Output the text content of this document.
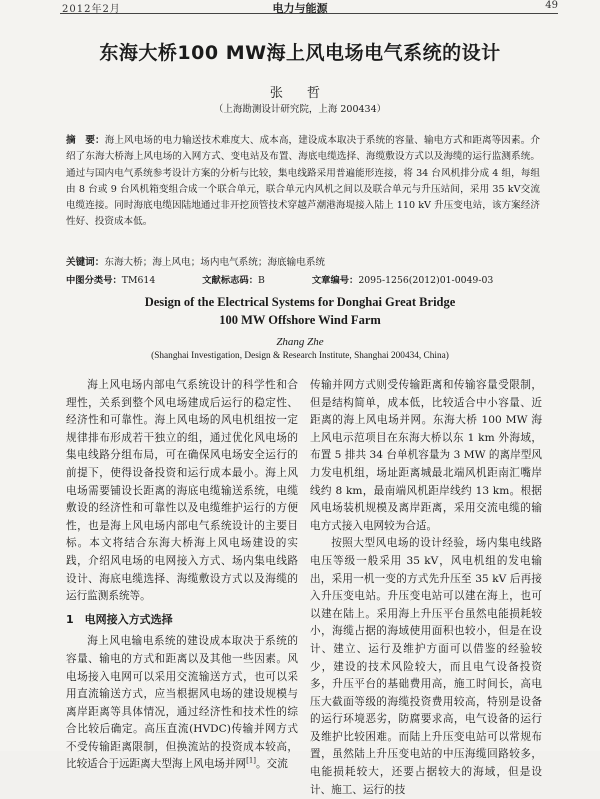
2012年2月	电力与能源	49
东海大桥100 MW海上风电场电气系统的设计
张 哲
（上海勘测设计研究院，上海 200434）
摘　要：海上风电场的电力输送技术难度大、成本高，建设成本取决于系统的容量、输电方式和距离等因素。介绍了东海大桥海上风电场的入网方式、变电站及布置、海底电缆选择、海缆敷设方式以及海缆的运行监测系统。通过与国内电气系统参考设计方案的分析与比较，集电线路采用普遍能形连接，将 34 台风机排分成 4 组，每组由 8 台或 9 台风机箱变组合成一个联合单元，联合单元内风机之间以及联合单元与升压站间，采用 35 kV交流电缆连接。同时海底电缆因陆地通过非开挖顶管技术穿越芦潮港海堤接入陆上 110 kV 升压变电站，该方案经济性好、投资成本低。
关键词：东海大桥；海上风电；场内电气系统；海底输电系统
中图分类号：TM614	文献标志码：B	文章编号：2095-1256(2012)01-0049-03
Design of the Electrical Systems for Donghai Great Bridge
100 MW Offshore Wind Farm
Zhang Zhe
(Shanghai Investigation, Design & Research Institute, Shanghai 200434, China)

海上风电场内部电气系统设计的科学性和合理性，关系到整个风电场建成后运行的稳定性、经济性和可靠性。海上风电场的风电机组按一定规律排布形成若干独立的组，通过优化风电场的集电线路分组布局，可在确保风电场安全运行的前提下，使得设备投资和运行成本最小。海上风电场需要铺设长距离的海底电缆输送系统，电缆敷设的经济性和可靠性以及电缆维护运行的方便性，也是海上风电场内部电气系统设计的主要目标。本文将结合东海大桥海上风电场建设的实践，介绍风电场的电网接入方式、场内集电线路设计、海底电缆选择、海缆敷设方式以及海缆的运行监测系统等。

1　电网接入方式选择

海上风电输电系统的建设成本取决于系统的容量、输电的方式和距离以及其他一些因素。风电场接入电网可以采用交流输送方式，也可以采用直流输送方式，应当根据风电场的建设规模与离岸距离等具体情况，通过经济性和技术性的综合比较后确定。高压直流(HVDC)传输并网方式不受传输距离限制，但换流站的投资成本较高，比较适合于远距离大型海上风电场并网[1]。交流

传输并网方式则受传输距离和传输容量受限制，但是结构简单，成本低，比较适合中小容量、近距离的海上风电场并网。东海大桥 100 MW 海上风电示范项目在东海大桥以东 1 km 外海域，布置 5 排共 34 台单机容量为 3 MW 的离岸型风力发电机组，场址距离城最北端风机距南汇嘴岸线约 8 km，最南端风机距岸线约 13 km。根据风电场装机规模及离岸距离，采用交流电缆的输电方式接入电网较为合适。

按照大型风电场的设计经验，场内集电线路电压等级一般采用 35 kV，风电机组的发电输出，采用一机一变的方式先升压至 35 kV 后再接入升压变电站。升压变电站可以建在海上，也可以建在陆上。采用海上升压平台虽然电能损耗较小，海缆占据的海域使用面积也较小，但是在设计、建立、运行及维护方面可以借鉴的经验较少，建设的技术风险较大，而且电气设备投资多，升压平台的基础费用高，施工时间长，高电压大截面等级的海缆投资费用较高，特别是设备的运行环境恶劣，防腐要求高，电气设备的运行及维护比较困难。而陆上升压变电站可以常规布置，虽然陆上升压变电站的中压海缆回路较多，电能损耗较大，还要占据较大的海域，但是设计、施工、运行的技
